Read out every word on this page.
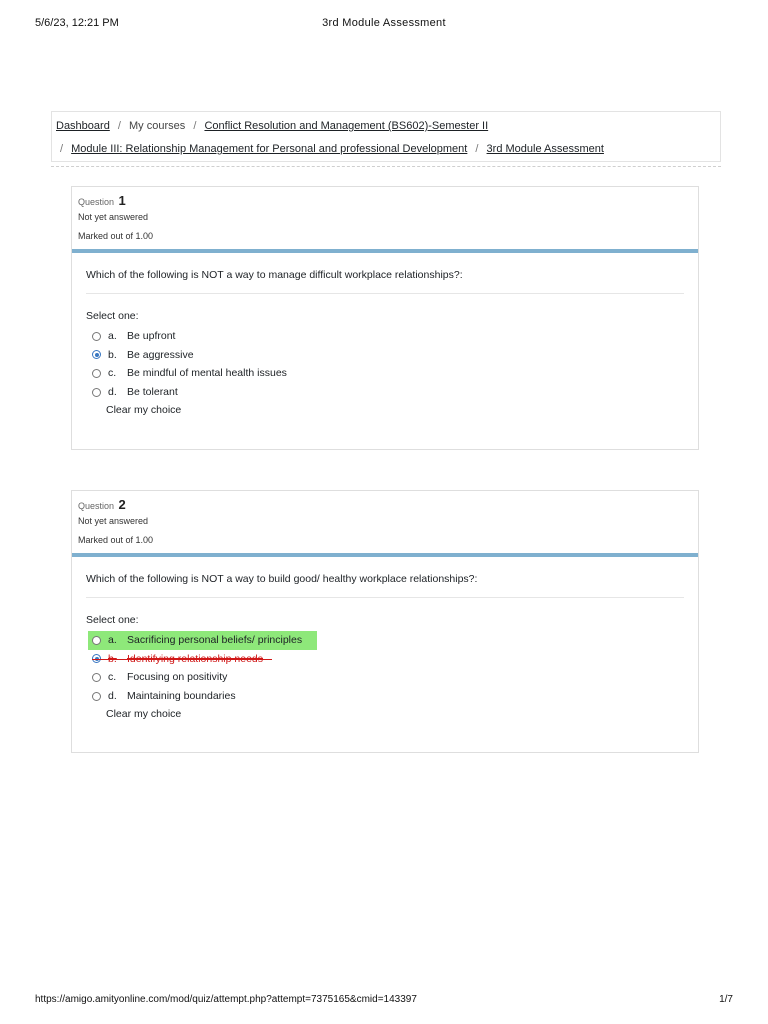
5/6/23, 12:21 PM	3rd Module Assessment
Dashboard / My courses / Conflict Resolution and Management (BS602)-Semester II
/ Module III: Relationship Management for Personal and professional Development / 3rd Module Assessment
Question 1
Not yet answered
Marked out of 1.00
Which of the following is NOT a way to manage difficult workplace relationships?:
Select one:
a. Be upfront
b. Be aggressive
c.	Be mindful of mental health issues
d. Be tolerant
Clear my choice
Question 2
Not yet answered
Marked out of 1.00
Which of the following is NOT a way to build good/ healthy workplace relationships?:
Select one:
a. Sacrificing personal beliefs/ principles
b. Identifying relationship needs
c.	Focusing on positivity
d. Maintaining boundaries
Clear my choice
https://amigo.amityonline.com/mod/quiz/attempt.php?attempt=7375165&cmid=143397	1/7
